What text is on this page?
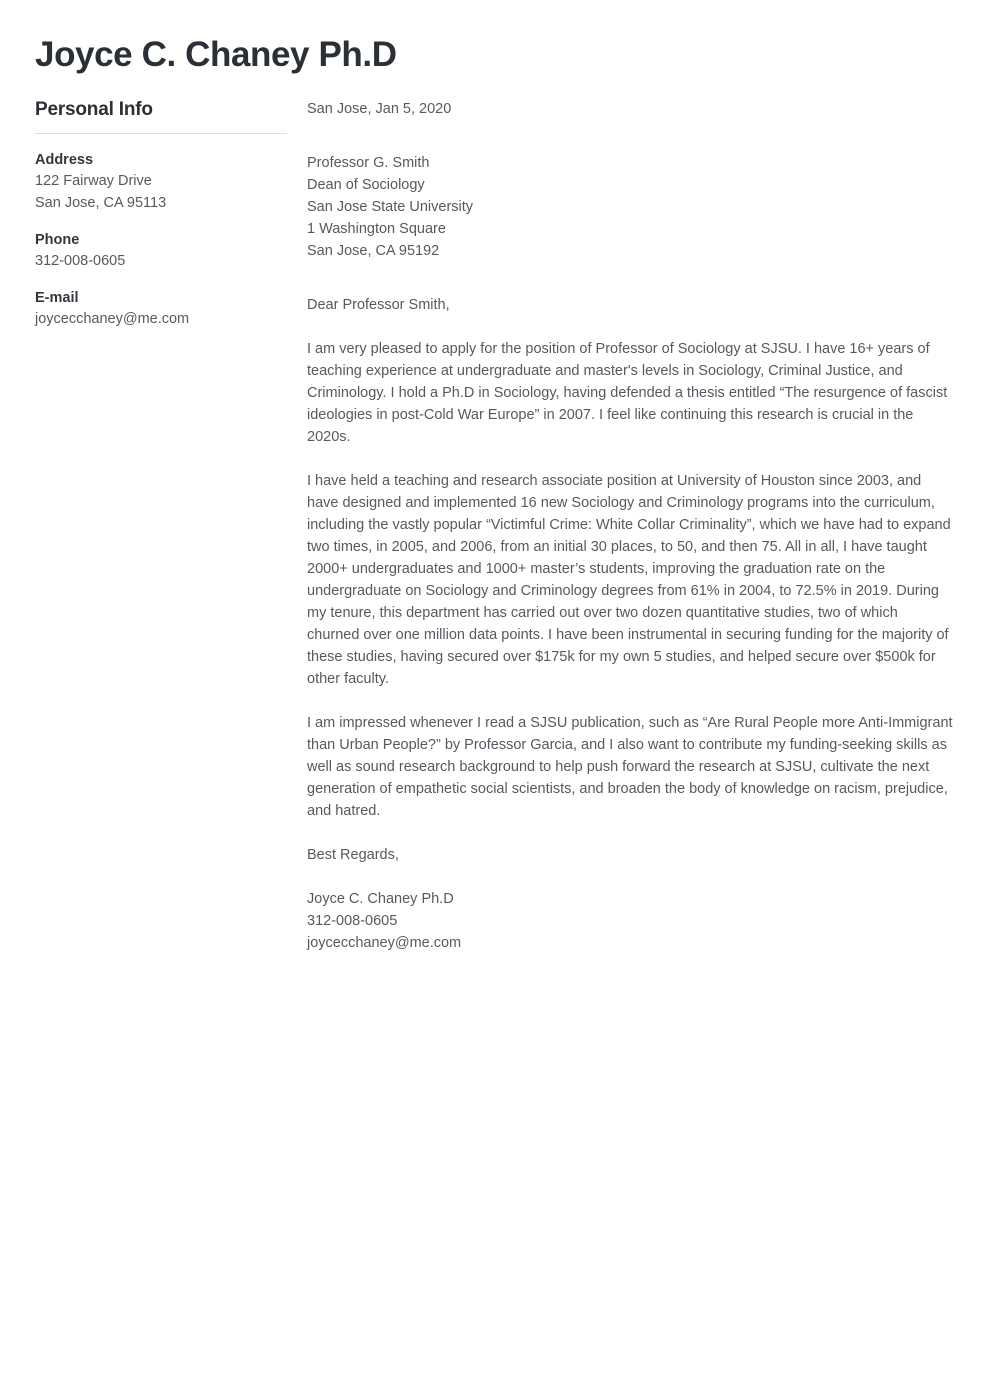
Joyce C. Chaney Ph.D
Personal Info
Address
122 Fairway Drive
San Jose, CA 95113
Phone
312-008-0605
E-mail
joycecchaney@me.com
San Jose, Jan 5, 2020
Professor G. Smith
Dean of Sociology
San Jose State University
1 Washington Square
San Jose, CA 95192
Dear Professor Smith,

I am very pleased to apply for the position of Professor of Sociology at SJSU. I have 16+ years of teaching experience at undergraduate and master's levels in Sociology, Criminal Justice, and Criminology. I hold a Ph.D in Sociology, having defended a thesis entitled “The resurgence of fascist ideologies in post-Cold War Europe” in 2007. I feel like continuing this research is crucial in the 2020s.

I have held a teaching and research associate position at University of Houston since 2003, and have designed and implemented 16 new Sociology and Criminology programs into the curriculum, including the vastly popular “Victimful Crime: White Collar Criminality”, which we have had to expand two times, in 2005, and 2006, from an initial 30 places, to 50, and then 75. All in all, I have taught 2000+ undergraduates and 1000+ master’s students, improving the graduation rate on the undergraduate on Sociology and Criminology degrees from 61% in 2004, to 72.5% in 2019. During my tenure, this department has carried out over two dozen quantitative studies, two of which churned over one million data points. I have been instrumental in securing funding for the majority of these studies, having secured over $175k for my own 5 studies, and helped secure over $500k for other faculty.

I am impressed whenever I read a SJSU publication, such as “Are Rural People more Anti-Immigrant than Urban People?” by Professor Garcia, and I also want to contribute my funding-seeking skills as well as sound research background to help push forward the research at SJSU, cultivate the next generation of empathetic social scientists, and broaden the body of knowledge on racism, prejudice, and hatred.

Best Regards,
Joyce C. Chaney Ph.D
312-008-0605
joycecchaney@me.com
